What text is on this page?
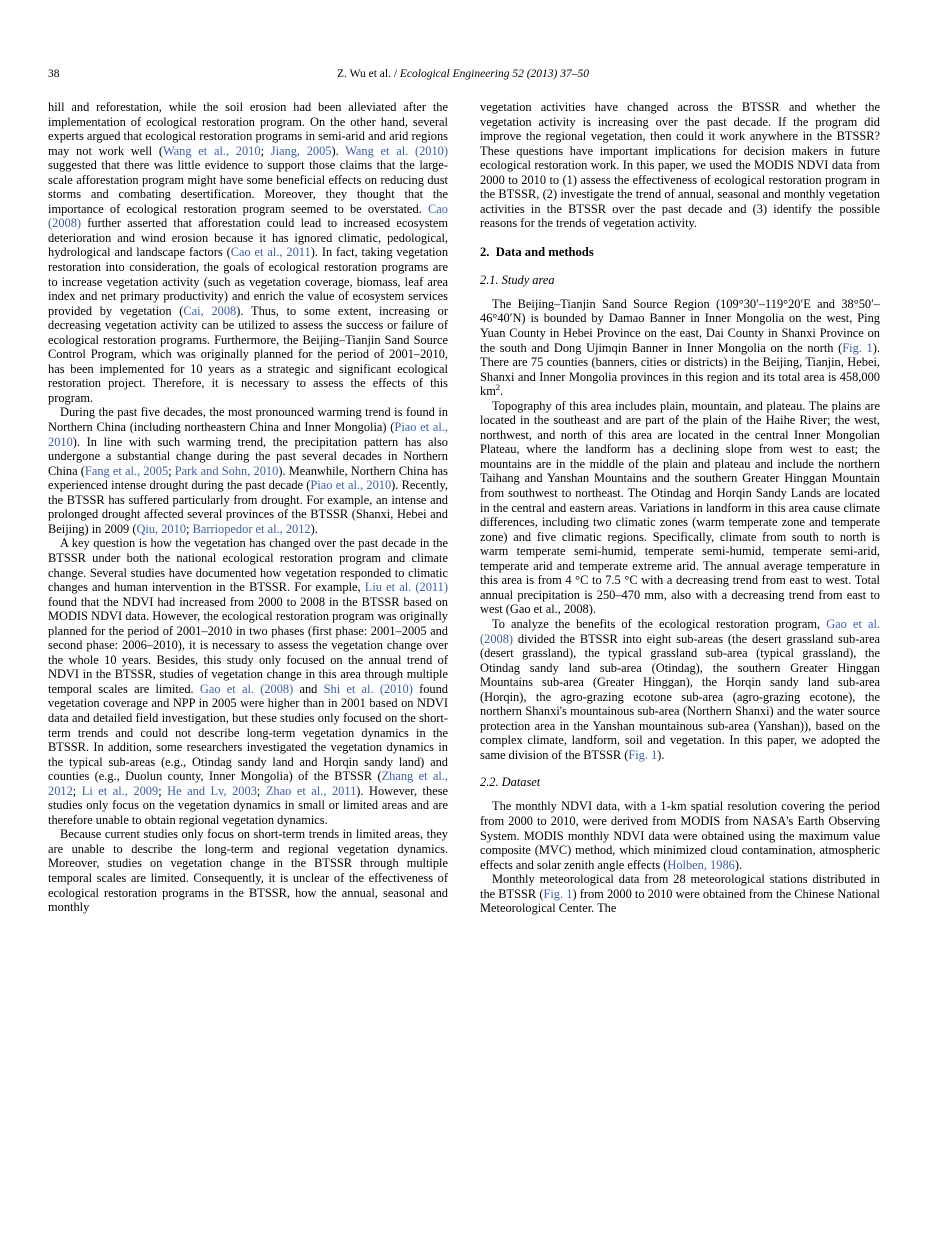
38	Z. Wu et al. / Ecological Engineering 52 (2013) 37–50

hill and reforestation, while the soil erosion had been alleviated after the implementation of ecological restoration program. On the other hand, several experts argued that ecological restoration programs in semi-arid and arid regions may not work well (Wang et al., 2010; Jiang, 2005). Wang et al. (2010) suggested that there was little evidence to support those claims that the large-scale afforestation program might have some beneficial effects on reducing dust storms and combating desertification. Moreover, they thought that the importance of ecological restoration program seemed to be overstated. Cao (2008) further asserted that afforestation could lead to increased ecosystem deterioration and wind erosion because it has ignored climatic, pedological, hydrological and landscape factors (Cao et al., 2011). In fact, taking vegetation restoration into consideration, the goals of ecological restoration programs are to increase vegetation activity (such as vegetation coverage, biomass, leaf area index and net primary productivity) and enrich the value of ecosystem services provided by vegetation (Cai, 2008). Thus, to some extent, increasing or decreasing vegetation activity can be utilized to assess the success or failure of ecological restoration programs. Furthermore, the Beijing–Tianjin Sand Source Control Program, which was originally planned for the period of 2001–2010, has been implemented for 10 years as a strategic and significant ecological restoration project. Therefore, it is necessary to assess the effects of this program.

During the past five decades, the most pronounced warming trend is found in Northern China (including northeastern China and Inner Mongolia) (Piao et al., 2010). In line with such warming trend, the precipitation pattern has also undergone a substantial change during the past several decades in Northern China (Fang et al., 2005; Park and Sohn, 2010). Meanwhile, Northern China has experienced intense drought during the past decade (Piao et al., 2010). Recently, the BTSSR has suffered particularly from drought. For example, an intense and prolonged drought affected several provinces of the BTSSR (Shanxi, Hebei and Beijing) in 2009 (Qiu, 2010; Barriopedor et al., 2012).

A key question is how the vegetation has changed over the past decade in the BTSSR under both the national ecological restoration program and climate change. Several studies have documented how vegetation responded to climatic changes and human intervention in the BTSSR. For example, Liu et al. (2011) found that the NDVI had increased from 2000 to 2008 in the BTSSR based on MODIS NDVI data. However, the ecological restoration program was originally planned for the period of 2001–2010 in two phases (first phase: 2001–2005 and second phase: 2006–2010), it is necessary to assess the vegetation change over the whole 10 years. Besides, this study only focused on the annual trend of NDVI in the BTSSR, studies of vegetation change in this area through multiple temporal scales are limited. Gao et al. (2008) and Shi et al. (2010) found vegetation coverage and NPP in 2005 were higher than in 2001 based on NDVI data and detailed field investigation, but these studies only focused on the short-term trends and could not describe long-term vegetation dynamics in the BTSSR. In addition, some researchers investigated the vegetation dynamics in the typical sub-areas (e.g., Otindag sandy land and Horqin sandy land) and counties (e.g., Duolun county, Inner Mongolia) of the BTSSR (Zhang et al., 2012; Li et al., 2009; He and Lv, 2003; Zhao et al., 2011). However, these studies only focus on the vegetation dynamics in small or limited areas and are therefore unable to obtain regional vegetation dynamics.

Because current studies only focus on short-term trends in limited areas, they are unable to describe the long-term and regional vegetation dynamics. Moreover, studies on vegetation change in the BTSSR through multiple temporal scales are limited. Consequently, it is unclear of the effectiveness of ecological restoration programs in the BTSSR, how the annual, seasonal and monthly

vegetation activities have changed across the BTSSR and whether the vegetation activity is increasing over the past decade. If the program did improve the regional vegetation, then could it work anywhere in the BTSSR? These questions have important implications for decision makers in future ecological restoration work. In this paper, we used the MODIS NDVI data from 2000 to 2010 to (1) assess the effectiveness of ecological restoration program in the BTSSR, (2) investigate the trend of annual, seasonal and monthly vegetation activities in the BTSSR over the past decade and (3) identify the possible reasons for the trends of vegetation activity.

2. Data and methods
2.1. Study area

The Beijing–Tianjin Sand Source Region (109°30′–119°20′E and 38°50′–46°40′N) is bounded by Damao Banner in Inner Mongolia on the west, Ping Yuan County in Hebei Province on the east, Dai County in Shanxi Province on the south and Dong Ujimqin Banner in Inner Mongolia on the north (Fig. 1). There are 75 counties (banners, cities or districts) in the Beijing, Tianjin, Hebei, Shanxi and Inner Mongolia provinces in this region and its total area is 458,000 $km^2$.

Topography of this area includes plain, mountain, and plateau. The plains are located in the southeast and are part of the plain of the Haihe River; the west, northwest, and north of this area are located in the central Inner Mongolian Plateau, where the landform has a declining slope from west to east; the mountains are in the middle of the plain and plateau and include the northern Taihang and Yanshan Mountains and the southern Greater Hinggan Mountain from southwest to northeast. The Otindag and Horqin Sandy Lands are located in the central and eastern areas. Variations in landform in this area cause climate differences, including two climatic zones (warm temperate zone and temperate zone) and five climatic regions. Specifically, climate from south to north is warm temperate semi-humid, temperate semi-humid, temperate semi-arid, temperate arid and temperate extreme arid. The annual average temperature in this area is from 4 °C to 7.5 °C with a decreasing trend from east to west. Total annual precipitation is 250–470 mm, also with a decreasing trend from east to west (Gao et al., 2008).

To analyze the benefits of the ecological restoration program, Gao et al. (2008) divided the BTSSR into eight sub-areas (the desert grassland sub-area (desert grassland), the typical grassland sub-area (typical grassland), the Otindag sandy land sub-area (Otindag), the southern Greater Hinggan Mountains sub-area (Greater Hinggan), the Horqin sandy land sub-area (Horqin), the agro-grazing ecotone sub-area (agro-grazing ecotone), the northern Shanxi's mountainous sub-area (Northern Shanxi) and the water source protection area in the Yanshan mountainous sub-area (Yanshan)), based on the complex climate, landform, soil and vegetation. In this paper, we adopted the same division of the BTSSR (Fig. 1).

2.2. Dataset

The monthly NDVI data, with a 1-km spatial resolution covering the period from 2000 to 2010, were derived from MODIS from NASA's Earth Observing System. MODIS monthly NDVI data were obtained using the maximum value composite (MVC) method, which minimized cloud contamination, atmospheric effects and solar zenith angle effects (Holben, 1986).

Monthly meteorological data from 28 meteorological stations distributed in the BTSSR (Fig. 1) from 2000 to 2010 were obtained from the Chinese National Meteorological Center. The
